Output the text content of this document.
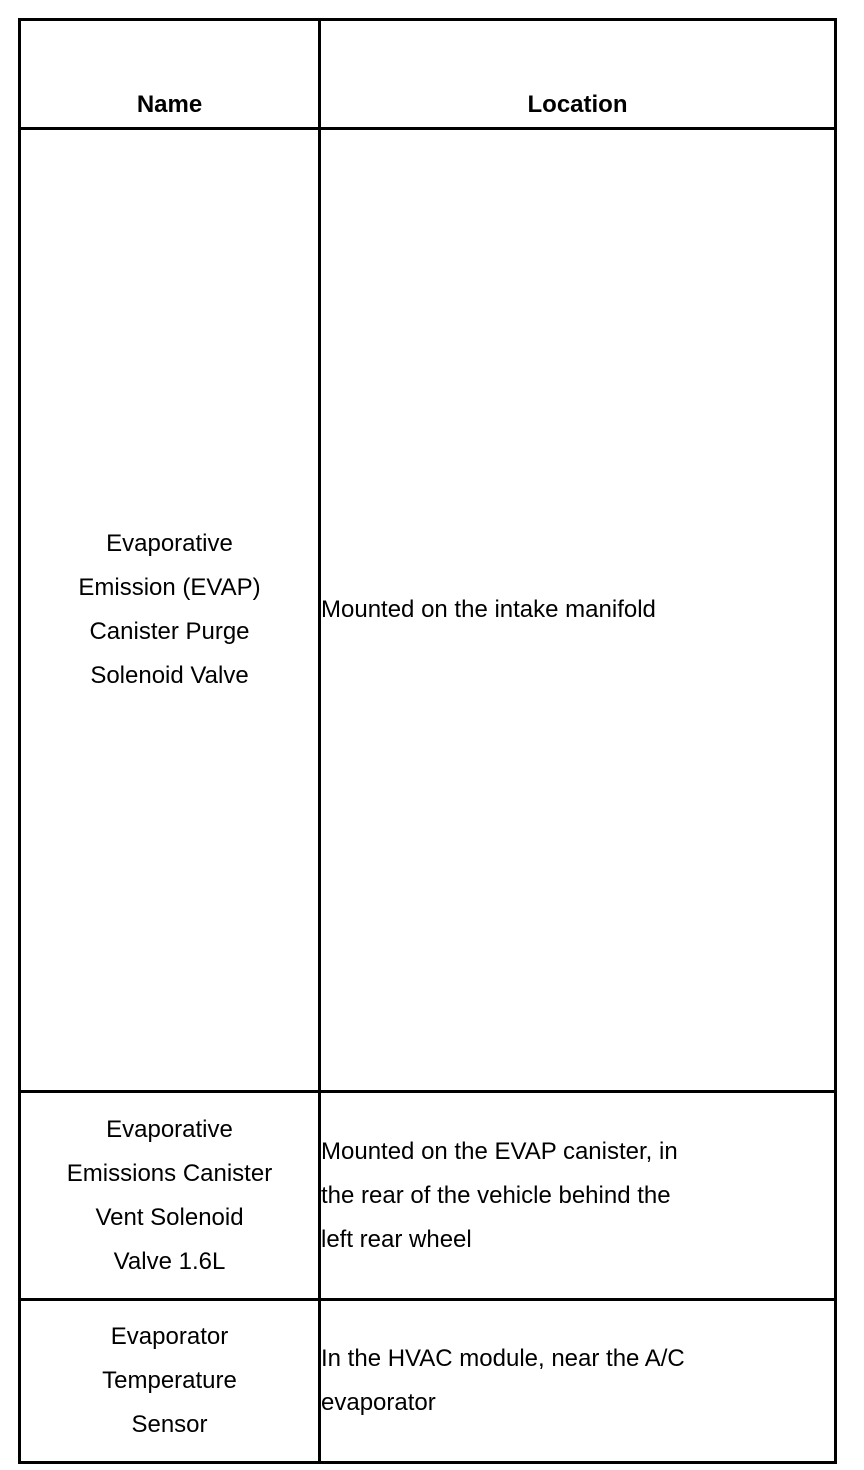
Name	Location

Evaporative
Emission (EVAP)
Canister Purge
Solenoid Valve	Mounted on the intake manifold

Evaporative
Emissions Canister
Vent Solenoid
Valve 1.6L	Mounted on the EVAP canister, in
the rear of the vehicle behind the
left rear wheel

Evaporator
Temperature
Sensor	In the HVAC module, near the A/C
evaporator
